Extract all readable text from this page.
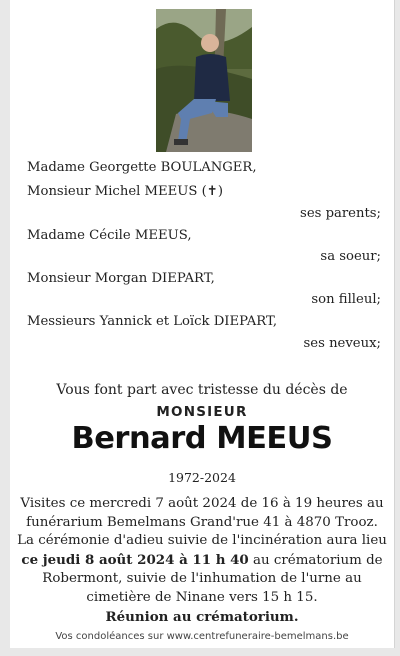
Madame Georgette BOULANGER,
Monsieur Michel MEEUS (✝)
ses parents;
Madame Cécile MEEUS,
sa soeur;
Monsieur Morgan DIEPART,
son filleul;
Messieurs Yannick et Loïck DIEPART,
ses neveux;
Vous font part avec tristesse du décès de
MONSIEUR
Bernard MEEUS
1972-2024
Visites ce mercredi 7 août 2024 de 16 à 19 heures au
funérarium Bemelmans Grand'rue 41 à 4870 Trooz.
La cérémonie d'adieu suivie de l'incinération aura lieu
ce jeudi 8 août 2024 à 11 h 40 au crématorium de
Robermont, suivie de l'inhumation de l'urne au
cimetière de Ninane vers 15 h 15.
Réunion au crématorium.
Vos condoléances sur www.centrefuneraire-bemelmans.be
